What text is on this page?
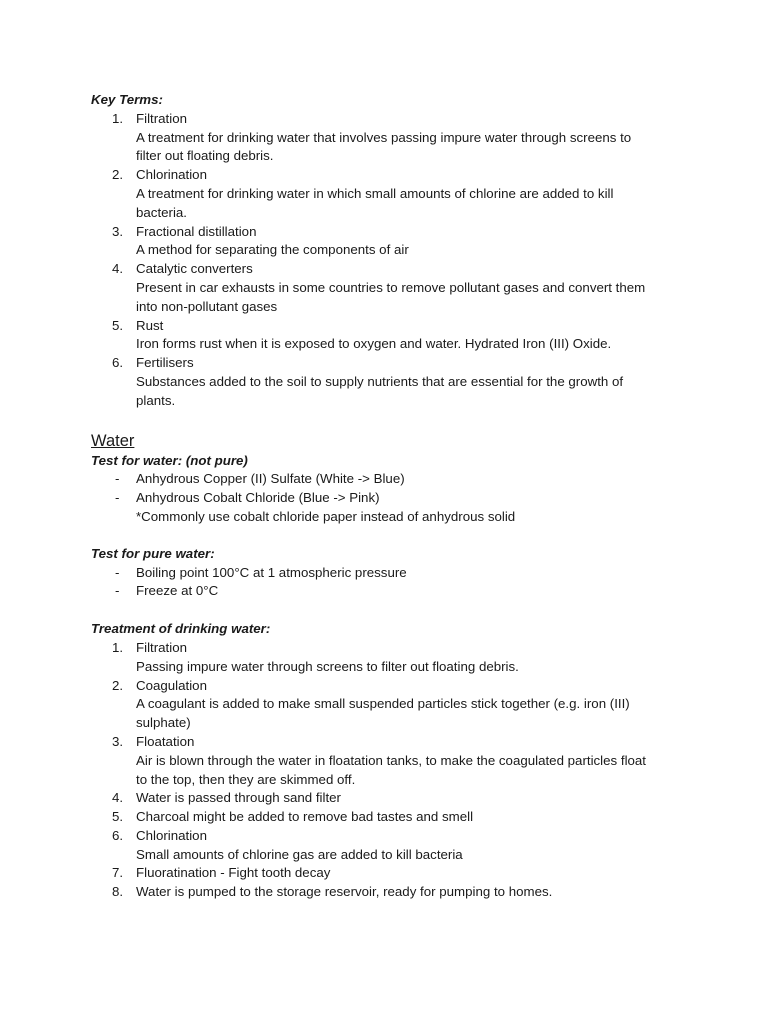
Key Terms:

1. Filtration
A treatment for drinking water that involves passing impure water through screens to
filter out floating debris.
2. Chlorination
A treatment for drinking water in which small amounts of chlorine are added to kill
bacteria.
3. Fractional distillation
A method for separating the components of air
4. Catalytic converters
Present in car exhausts in some countries to remove pollutant gases and convert them
into non-pollutant gases
5. Rust
Iron forms rust when it is exposed to oxygen and water. Hydrated Iron (III) Oxide.
6. Fertilisers
Substances added to the soil to supply nutrients that are essential for the growth of
plants.

Water

Test for water: (not pure)

-	Anhydrous Copper (II) Sulfate (White -> Blue)
-	Anhydrous Cobalt Chloride (Blue -> Pink)
*Commonly use cobalt chloride paper instead of anhydrous solid

Test for pure water:

-	Boiling point 100°C at 1 atmospheric pressure
-	Freeze at 0°C

Treatment of drinking water:

1. Filtration
Passing impure water through screens to filter out floating debris.
2. Coagulation
A coagulant is added to make small suspended particles stick together (e.g. iron (III)
sulphate)
3. Floatation
Air is blown through the water in floatation tanks, to make the coagulated particles float
to the top, then they are skimmed off.
4. Water is passed through sand filter
5. Charcoal might be added to remove bad tastes and smell
6. Chlorination
Small amounts of chlorine gas are added to kill bacteria
7. Fluoratination - Fight tooth decay
8. Water is pumped to the storage reservoir, ready for pumping to homes.
